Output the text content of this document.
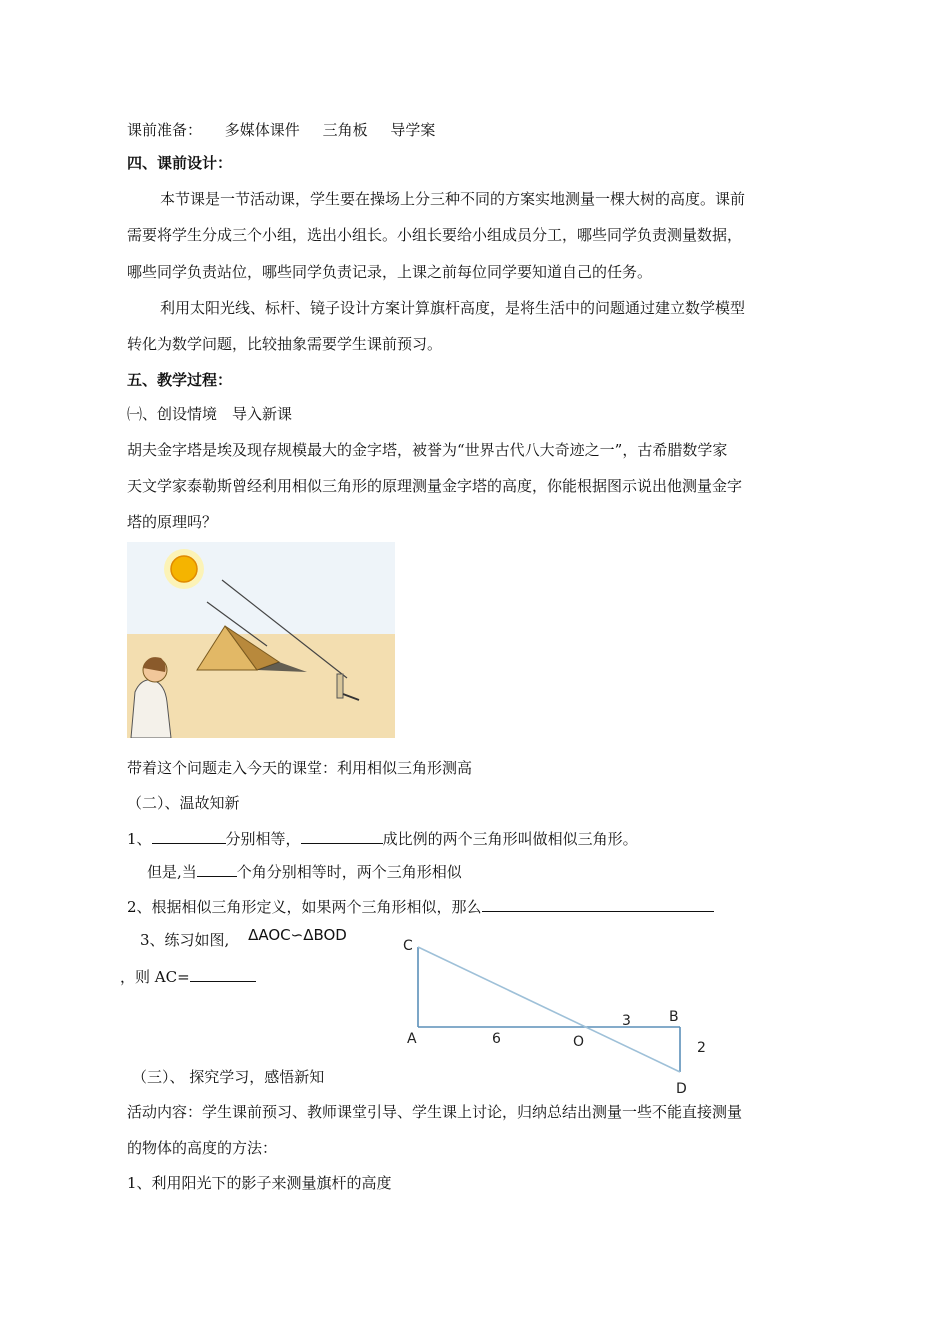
课前准备： 多媒体课件 三角板 导学案
四、课前设计：
本节课是一节活动课，学生要在操场上分三种不同的方案实地测量一棵大树的高度。课前
需要将学生分成三个小组，选出小组长。小组长要给小组成员分工，哪些同学负责测量数据，
哪些同学负责站位，哪些同学负责记录，上课之前每位同学要知道自己的任务。
利用太阳光线、标杆、镜子设计方案计算旗杆高度，是将生活中的问题通过建立数学模型
转化为数学问题，比较抽象需要学生课前预习。
五、教学过程：
㈠、创设情境　导入新课
胡夫金字塔是埃及现存规模最大的金字塔，被誉为“世界古代八大奇迹之一”，古希腊数学家
天文学家泰勒斯曾经利用相似三角形的原理测量金字塔的高度，你能根据图示说出他测量金字
塔的原理吗？
带着这个问题走入今天的课堂：利用相似三角形测高
（二）、温故知新
1、	分别相等，	成比例的两个三角形叫做相似三角形。
但是,当	个角分别相等时，两个三角形相似
2、根据相似三角形定义，如果两个三角形相似，那么
3、练习如图, ΔAOC∽ΔBOD
，则 AC=
C
A	O
B
D
6
3
2
（三）、 探究学习，感悟新知
活动内容：学生课前预习、教师课堂引导、学生课上讨论，归纳总结出测量一些不能直接测量
的物体的高度的方法：
1、利用阳光下的影子来测量旗杆的高度
